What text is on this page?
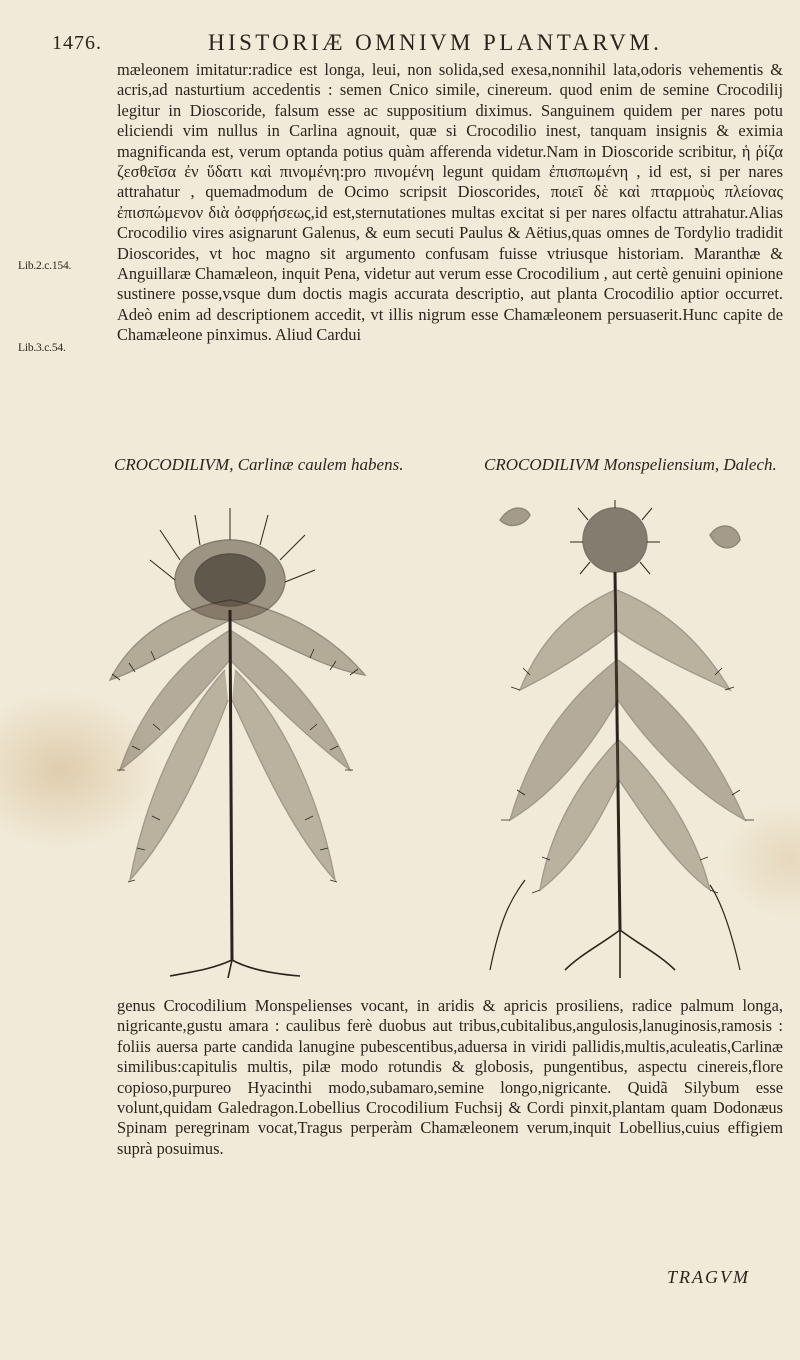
1476.	HISTORIÆ OMNIVM PLANTARVM.

mæleonem imitatur:radice est longa, leui, non solida,sed exesa,nonnihil lata,odoris vehementis & acris,ad nasturtium accedentis : semen Cnico simile, cinereum. quod enim de semine Crocodilij legitur in Dioscoride, falsum esse ac suppositium diximus. Sanguinem quidem per nares potu eliciendi vim nullus in Carlina agnouit, quæ si Crocodilio inest, tanquam insignis & eximia magnificanda est, verum optanda potius quàm afferenda videtur.Nam in Dioscoride scribitur, ἡ ῥίζα ζεσθεῖσα ἐν ὕδατι καὶ πινομένη:pro πινομένη legunt quidam ἐπισπωμένη , id est, si per nares attrahatur , quemadmodum de Ocimo scripsit Dioscorides, ποιεῖ δὲ καὶ πταρμοὺς πλείονας ἐπισπώμενον διὰ ὀσφρήσεως,id est,sternutationes multas excitat si per nares olfactu attrahatur.Alias Crocodilio vires asignarunt Galenus, & eum secuti Paulus & Aëtius,quas omnes de Tordylio tradidit Dioscorides, vt hoc magno sit argumento confusam fuisse vtriusque historiam. Maranthæ & Anguillaræ Chamæleon, inquit Pena, videtur aut verum esse Crocodilium , aut certè genuini opinione sustinere posse,vsque dum doctis magis accurata descriptio, aut planta Crocodilio aptior occurret. Adeò enim ad descriptionem accedit, vt illis nigrum esse Chamæleonem persuaserit.Hunc capite de Chamæleone pinximus. Aliud Cardui

Lib.2.c.154.
Lib.3.c.54.
CROCODILIVM, Carlinæ caulem habens.	CROCODILIVM Monspeliensium, Dalech.

genus Crocodilium Monspelienses vocant, in aridis & apricis prosiliens, radice palmum longa, nigricante,gustu amara : caulibus ferè duobus aut tribus,cubitalibus,angulosis,lanuginosis,ramosis : foliis auersa parte candida lanugine pubescentibus,aduersa in viridi pallidis,multis,aculeatis,Carlinæ similibus:capitulis multis, pilæ modo rotundis & globosis, pungentibus, aspectu cinereis,flore copioso,purpureo Hyacinthi modo,subamaro,semine longo,nigricante. Quidã Silybum esse volunt,quidam Galedragon.Lobellius Crocodilium Fuchsij & Cordi pinxit,plantam quam Dodonæus Spinam peregrinam vocat,Tragus perperàm Chamæleonem verum,inquit Lobellius,cuius effigiem suprà posuimus.

TRAGVM
